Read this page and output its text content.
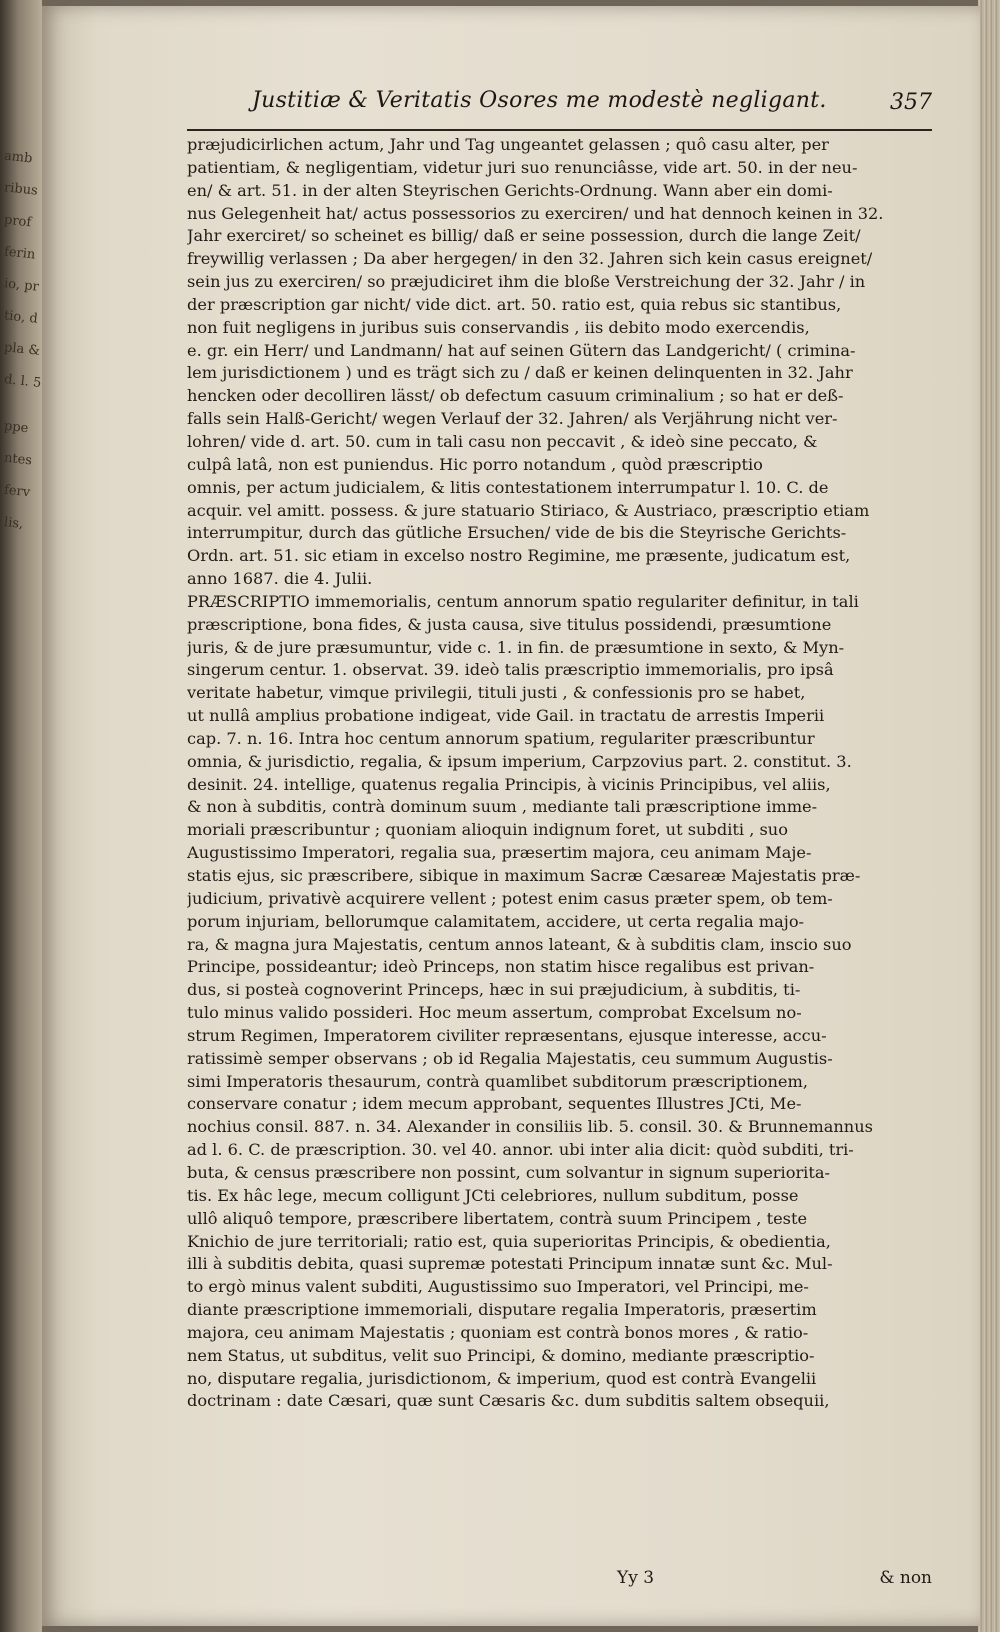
amb
ribus
prof
ferin
io, pr
tio, d
pla &
d. l. 5
ppe
ntes
ferv
lis,
Justitiæ & Veritatis Osores me modestè negligant.	357
præjudicirlichen actum, Jahr und Tag ungeantet gelassen ; quô casu alter, per
patientiam, & negligentiam, videtur juri suo renunciâsse, vide art. 50. in der neu-
en/ & art. 51. in der alten Steyrischen Gerichts-Ordnung. Wann aber ein domi-
nus Gelegenheit hat/ actus possessorios zu exerciren/ und hat dennoch keinen in 32.
Jahr exerciret/ so scheinet es billig/ daß er seine possession, durch die lange Zeit/
freywillig verlassen ; Da aber hergegen/ in den 32. Jahren sich kein casus ereignet/
sein jus zu exerciren/ so præjudiciret ihm die bloße Verstreichung der 32. Jahr / in
der præscription gar nicht/ vide dict. art. 50. ratio est, quia rebus sic stantibus,
non fuit negligens in juribus suis conservandis , iis debito modo exercendis,
e. gr. ein Herr/ und Landmann/ hat auf seinen Gütern das Landgericht/ ( crimina-
lem jurisdictionem ) und es trägt sich zu / daß er keinen delinquenten in 32. Jahr
hencken oder decolliren lässt/ ob defectum casuum criminalium ; so hat er deß-
falls sein Halß-Gericht/ wegen Verlauf der 32. Jahren/ als Verjährung nicht ver-
lohren/ vide d. art. 50. cum in tali casu non peccavit , & ideò sine peccato, &
culpâ latâ, non est puniendus. Hic porro notandum , quòd præscriptio
omnis, per actum judicialem, & litis contestationem interrumpatur l. 10. C. de
acquir. vel amitt. possess. & jure statuario Stiriaco, & Austriaco, præscriptio etiam
interrumpitur, durch das gütliche Ersuchen/ vide de bis die Steyrische Gerichts-
Ordn. art. 51. sic etiam in excelso nostro Regimine, me præsente, judicatum est,
anno 1687. die 4. Julii.
PRÆSCRIPTIO immemorialis, centum annorum spatio regulariter definitur, in tali
præscriptione, bona fides, & justa causa, sive titulus possidendi, præsumtione
juris, & de jure præsumuntur, vide c. 1. in fin. de præsumtione in sexto, & Myn-
singerum centur. 1. observat. 39. ideò talis præscriptio immemorialis, pro ipsâ
veritate habetur, vimque privilegii, tituli justi , & confessionis pro se habet,
ut nullâ amplius probatione indigeat, vide Gail. in tractatu de arrestis Imperii
cap. 7. n. 16. Intra hoc centum annorum spatium, regulariter præscribuntur
omnia, & jurisdictio, regalia, & ipsum imperium, Carpzovius part. 2. constitut. 3.
desinit. 24. intellige, quatenus regalia Principis, à vicinis Principibus, vel aliis,
& non à subditis, contrà dominum suum , mediante tali præscriptione imme-
moriali præscribuntur ; quoniam alioquin indignum foret, ut subditi , suo
Augustissimo Imperatori, regalia sua, præsertim majora, ceu animam Maje-
statis ejus, sic præscribere, sibique in maximum Sacræ Cæsareæ Majestatis præ-
judicium, privativè acquirere vellent ; potest enim casus præter spem, ob tem-
porum injuriam, bellorumque calamitatem, accidere, ut certa regalia majo-
ra, & magna jura Majestatis, centum annos lateant, & à subditis clam, inscio suo
Principe, possideantur; ideò Princeps, non statim hisce regalibus est privan-
dus, si posteà cognoverint Princeps, hæc in sui præjudicium, à subditis, ti-
tulo minus valido possideri. Hoc meum assertum, comprobat Excelsum no-
strum Regimen, Imperatorem civiliter repræsentans, ejusque interesse, accu-
ratissimè semper observans ; ob id Regalia Majestatis, ceu summum Augustis-
simi Imperatoris thesaurum, contrà quamlibet subditorum præscriptionem,
conservare conatur ; idem mecum approbant, sequentes Illustres JCti, Me-
nochius consil. 887. n. 34. Alexander in consiliis lib. 5. consil. 30. & Brunnemannus
ad l. 6. C. de præscription. 30. vel 40. annor. ubi inter alia dicit: quòd subditi, tri-
buta, & census præscribere non possint, cum solvantur in signum superiorita-
tis. Ex hâc lege, mecum colligunt JCti celebriores, nullum subditum, posse
ullô aliquô tempore, præscribere libertatem, contrà suum Principem , teste
Knichio de jure territoriali; ratio est, quia superioritas Principis, & obedientia,
illi à subditis debita, quasi supremæ potestati Principum innatæ sunt &c. Mul-
to ergò minus valent subditi, Augustissimo suo Imperatori, vel Principi, me-
diante præscriptione immemoriali, disputare regalia Imperatoris, præsertim
majora, ceu animam Majestatis ; quoniam est contrà bonos mores , & ratio-
nem Status, ut subditus, velit suo Principi, & domino, mediante præscriptio-
no, disputare regalia, jurisdictionom, & imperium, quod est contrà Evangelii
doctrinam : date Cæsari, quæ sunt Cæsaris &c. dum subditis saltem obsequii,
Yy 3	& non
